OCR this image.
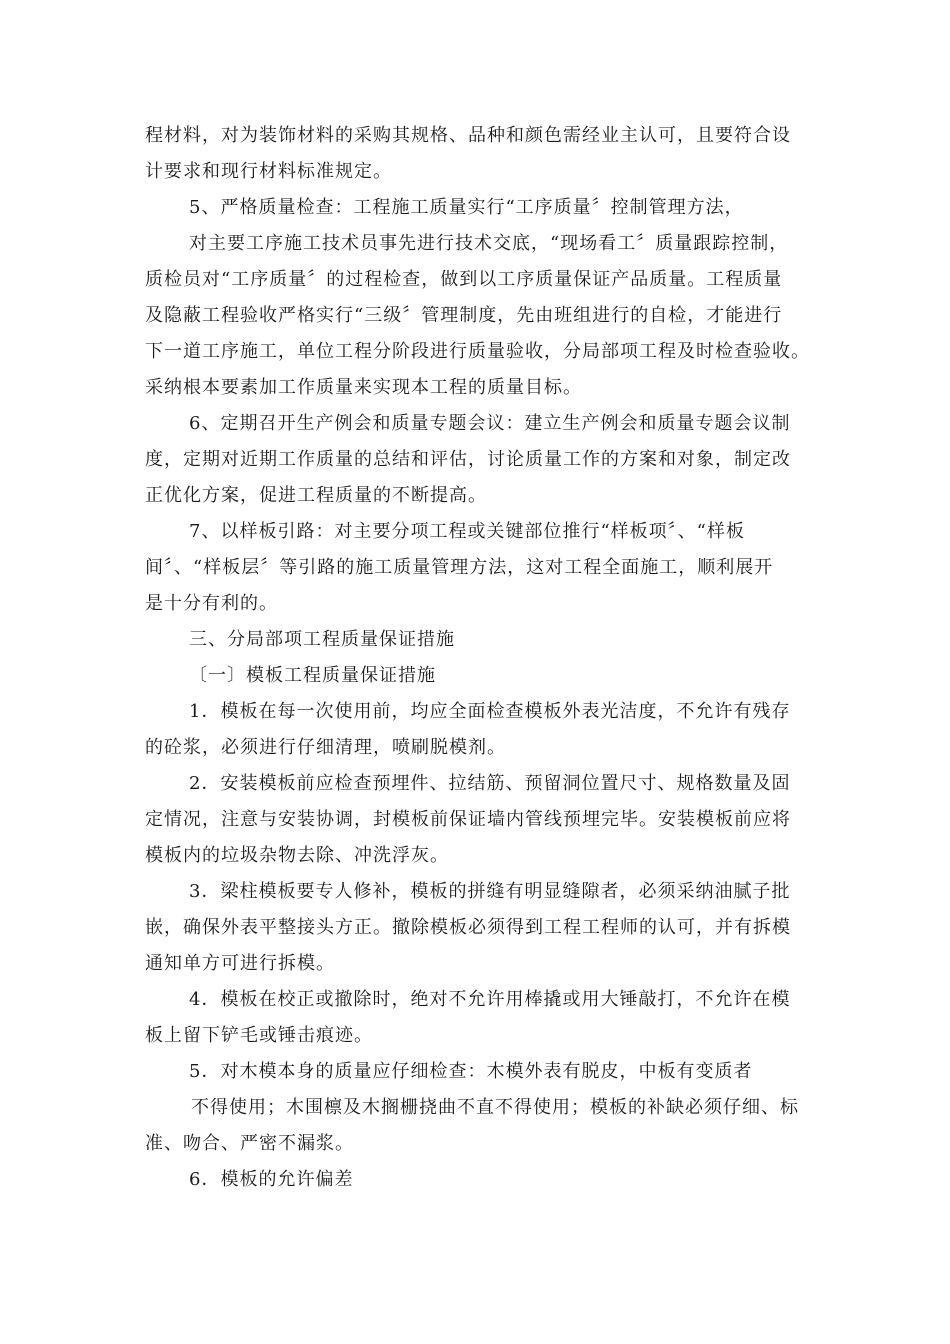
程材料，对为装饰材料的采购其规格、品种和颜色需经业主认可，且要符合设
计要求和现行材料标准规定。
5、严格质量检查：工程施工质量实行“工序质量〞控制管理方法，
对主要工序施工技术员事先进行技术交底，“现场看工〞质量跟踪控制，
质检员对“工序质量〞的过程检查，做到以工序质量保证产品质量。工程质量
及隐蔽工程验收严格实行“三级〞管理制度，先由班组进行的自检，才能进行
下一道工序施工，单位工程分阶段进行质量验收，分局部项工程及时检查验收。
采纳根本要素加工作质量来实现本工程的质量目标。
6、定期召开生产例会和质量专题会议：建立生产例会和质量专题会议制
度，定期对近期工作质量的总结和评估，讨论质量工作的方案和对象，制定改
正优化方案，促进工程质量的不断提高。
7、以样板引路：对主要分项工程或关键部位推行“样板项〞、“样板
间〞、“样板层〞等引路的施工质量管理方法，这对工程全面施工，顺利展开
是十分有利的。
三、分局部项工程质量保证措施
〔一〕模板工程质量保证措施
1．模板在每一次使用前，均应全面检查模板外表光洁度，不允许有残存
的砼浆，必须进行仔细清理，喷刷脱模剂。
2．安装模板前应检查预埋件、拉结筋、预留洞位置尺寸、规格数量及固
定情况，注意与安装协调，封模板前保证墙内管线预埋完毕。安装模板前应将
模板内的垃圾杂物去除、冲洗浮灰。
3．梁柱模板要专人修补，模板的拼缝有明显缝隙者，必须采纳油腻子批
嵌，确保外表平整接头方正。撤除模板必须得到工程工程师的认可，并有拆模
通知单方可进行拆模。
4．模板在校正或撤除时，绝对不允许用棒撬或用大锤敲打，不允许在模
板上留下铲毛或锤击痕迹。
5．对木模本身的质量应仔细检查：木模外表有脱皮，中板有变质者
不得使用；木围檩及木搁栅挠曲不直不得使用；模板的补缺必须仔细、标
准、吻合、严密不漏浆。
6．模板的允许偏差
